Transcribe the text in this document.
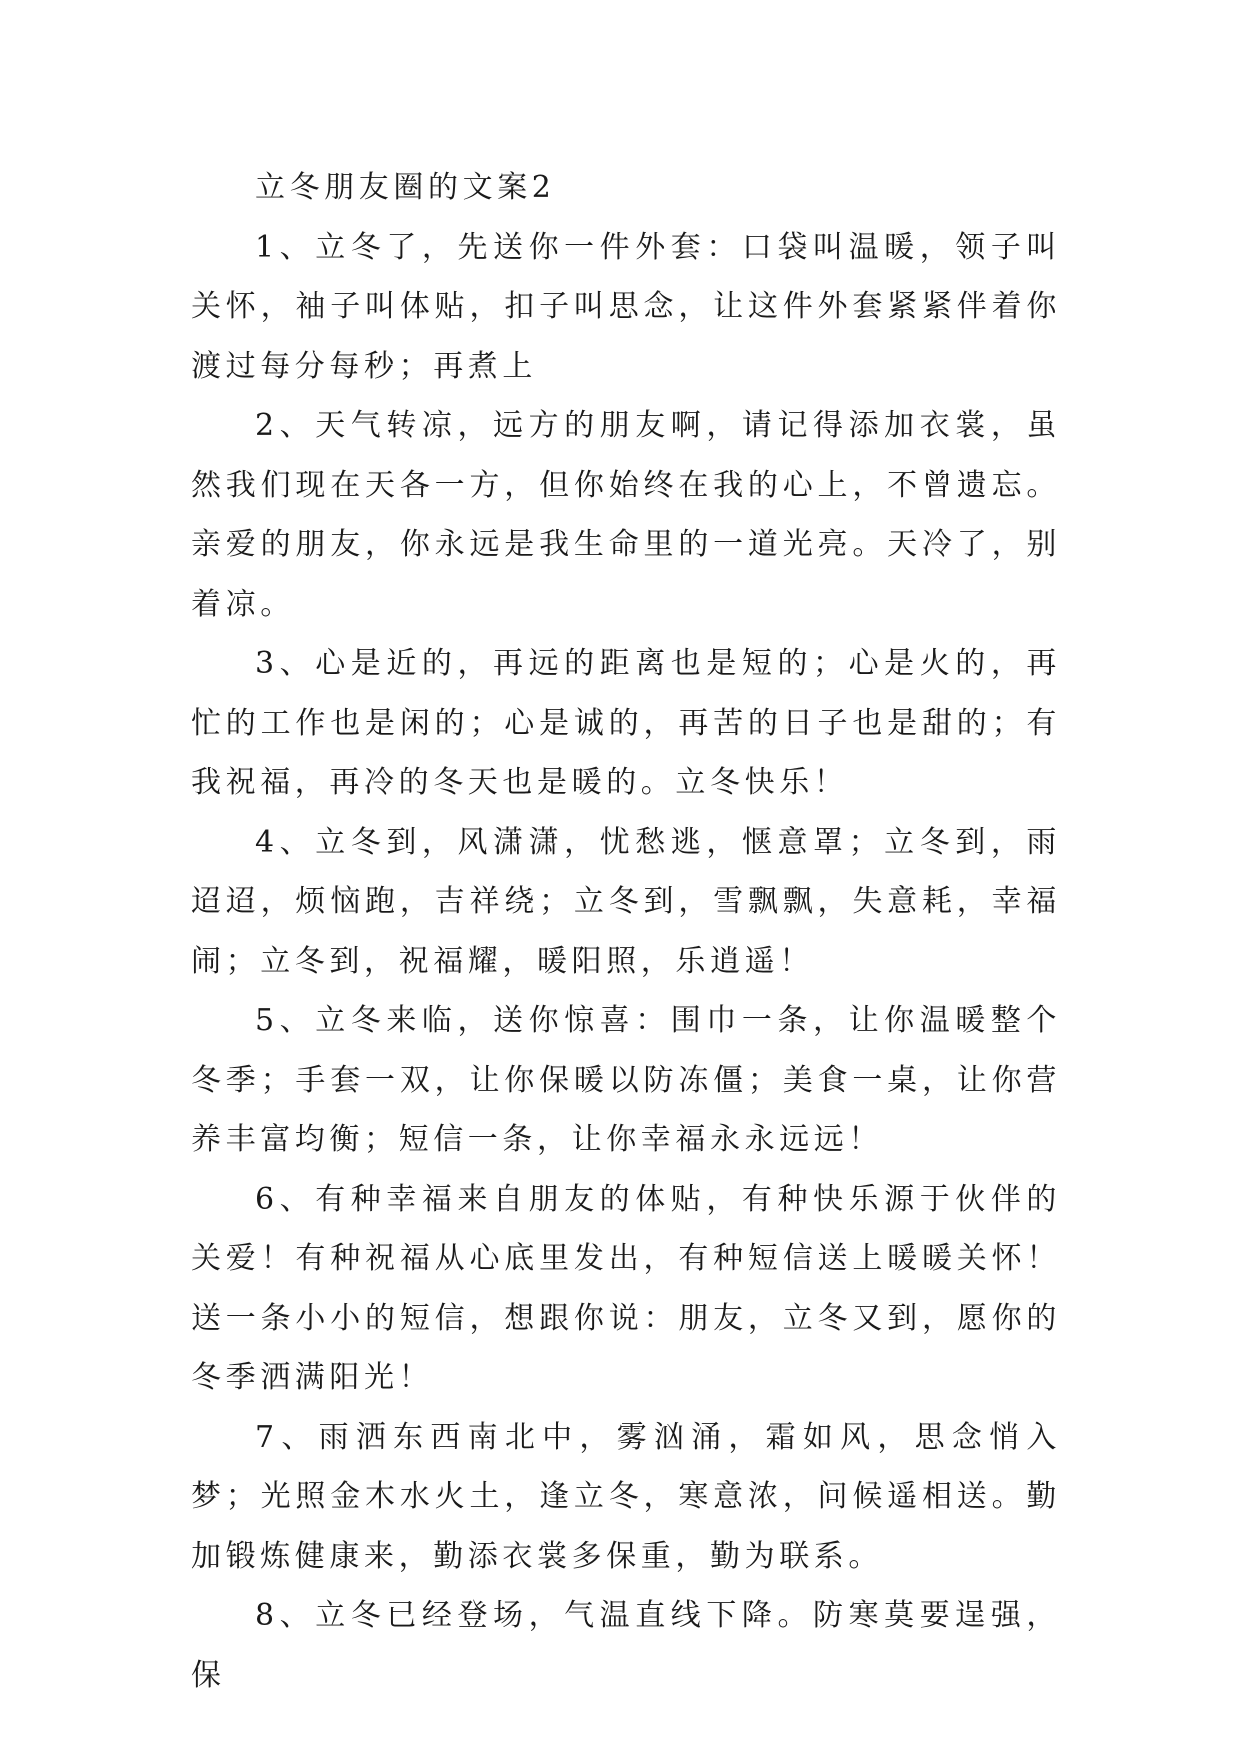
立冬朋友圈的文案2

1、立冬了，先送你一件外套：口袋叫温暖，领子叫关怀，袖子叫体贴，扣子叫思念，让这件外套紧紧伴着你渡过每分每秒；再煮上

2、天气转凉，远方的朋友啊，请记得添加衣裳，虽然我们现在天各一方，但你始终在我的心上，不曾遗忘。亲爱的朋友，你永远是我生命里的一道光亮。天冷了，别着凉。

3、心是近的，再远的距离也是短的；心是火的，再忙的工作也是闲的；心是诚的，再苦的日子也是甜的；有我祝福，再冷的冬天也是暖的。立冬快乐！

4、立冬到，风潇潇，忧愁逃，惬意罩；立冬到，雨迢迢，烦恼跑，吉祥绕；立冬到，雪飘飘，失意耗，幸福闹；立冬到，祝福耀，暖阳照，乐逍遥！

5、立冬来临，送你惊喜：围巾一条，让你温暖整个冬季；手套一双，让你保暖以防冻僵；美食一桌，让你营养丰富均衡；短信一条，让你幸福永永远远！

6、有种幸福来自朋友的体贴，有种快乐源于伙伴的关爱！有种祝福从心底里发出，有种短信送上暖暖关怀！送一条小小的短信，想跟你说：朋友，立冬又到，愿你的冬季洒满阳光！

7、雨洒东西南北中，雾汹涌，霜如风，思念悄入梦；光照金木水火土，逢立冬，寒意浓，问候遥相送。勤加锻炼健康来，勤添衣裳多保重，勤为联系。

8、立冬已经登场，气温直线下降。防寒莫要逞强，保
